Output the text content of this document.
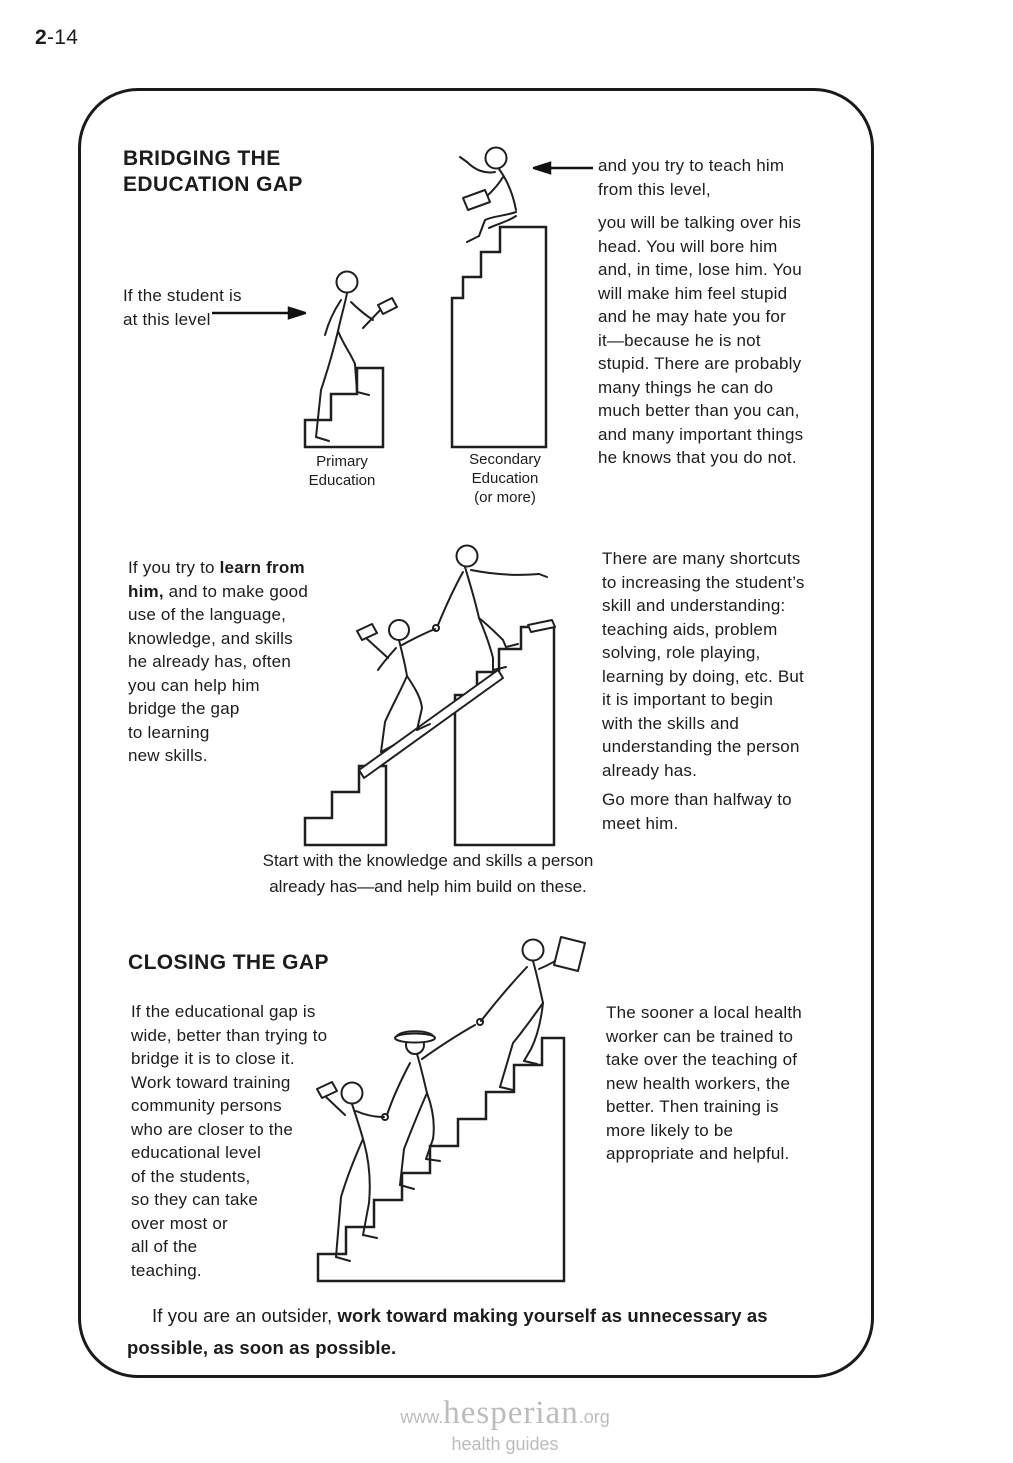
2-14
BRIDGING THE
EDUCATION GAP
If the student is
at this level
and you try to teach him
from this level,
you will be talking over his
head. You will bore him
and, in time, lose him. You
will make him feel stupid
and he may hate you for
it—because he is not
stupid. There are probably
many things he can do
much better than you can,
and many important things
he knows that you do not.
Primary
Education
Secondary
Education
(or more)
If you try to learn from
him, and to make good
use of the language,
knowledge, and skills
he already has, often
you can help him
bridge the gap
to learning
new skills.
There are many shortcuts
to increasing the student’s
skill and understanding:
teaching aids, problem
solving, role playing,
learning by doing, etc. But
it is important to begin
with the skills and
understanding the person
already has.
Go more than halfway to
meet him.
Start with the knowledge and skills a person
already has—and help him build on these.
CLOSING THE GAP
If the educational gap is
wide, better than trying to
bridge it is to close it.
Work toward training
community persons
who are closer to the
educational level
of the students,
so they can take
over most or
all of the
teaching.
The sooner a local health
worker can be trained to
take over the teaching of
new health workers, the
better. Then training is
more likely to be
appropriate and helpful.
If you are an outsider, work toward making yourself as unnecessary as
possible, as soon as possible.
www.hesperian.org
health guides
